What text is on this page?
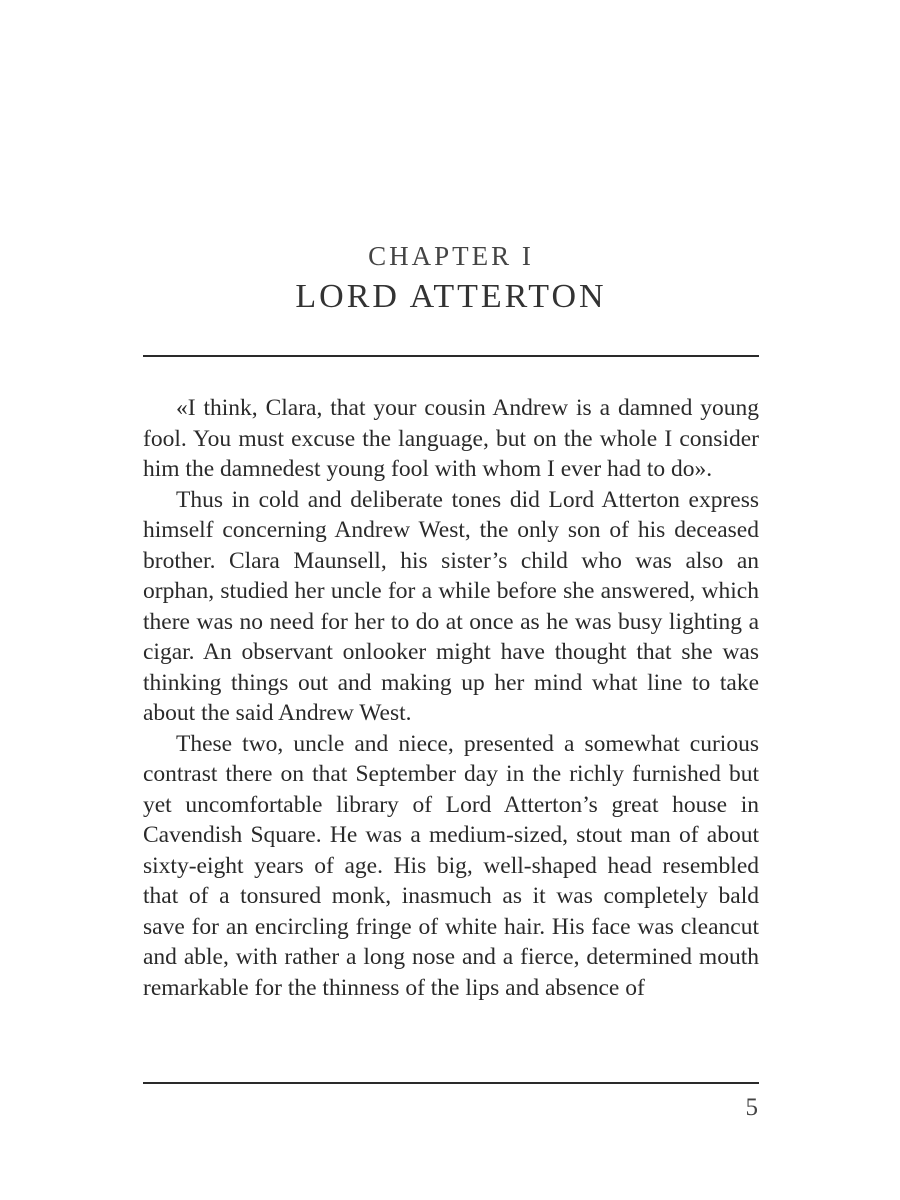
CHAPTER I
LORD ATTERTON

«I think, Clara, that your cousin Andrew is a damned young fool. You must excuse the language, but on the whole I consider him the damnedest young fool with whom I ever had to do».

Thus in cold and deliberate tones did Lord Atterton express himself concerning Andrew West, the only son of his deceased brother. Clara Maunsell, his sister’s child who was also an orphan, studied her uncle for a while before she answered, which there was no need for her to do at once as he was busy lighting a cigar. An observant onlooker might have thought that she was thinking things out and making up her mind what line to take about the said Andrew West.

These two, uncle and niece, presented a somewhat curious contrast there on that September day in the richly furnished but yet uncomfortable library of Lord Atterton’s great house in Cavendish Square. He was a medium-sized, stout man of about sixty-eight years of age. His big, well-shaped head resembled that of a tonsured monk, inasmuch as it was completely bald save for an encircling fringe of white hair. His face was cleancut and able, with rather a long nose and a fierce, determined mouth remarkable for the thinness of the lips and absence of

5
